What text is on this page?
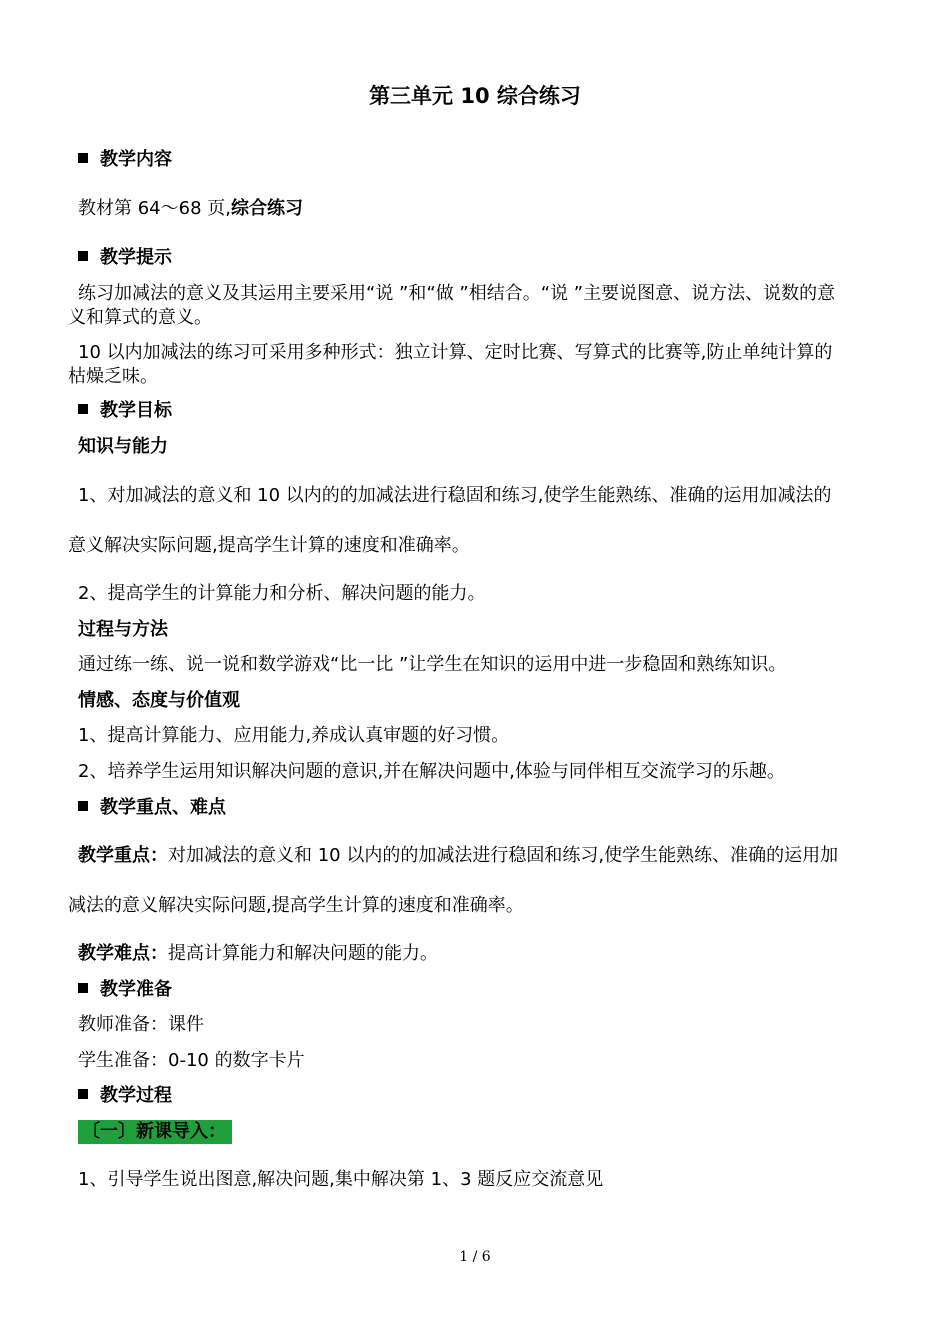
第三单元 10 综合练习
教学内容
教材第 64～68 页,综合练习
教学提示
练习加减法的意义及其运用主要采用“说 ”和“做 ”相结合。“说 ”主要说图意、说方法、说数的意
义和算式的意义。
10 以内加减法的练习可采用多种形式：独立计算、定时比赛、写算式的比赛等,防止单纯计算的
枯燥乏味。
教学目标
知识与能力
1、对加减法的意义和 10 以内的的加减法进行稳固和练习,使学生能熟练、准确的运用加减法的
意义解决实际问题,提高学生计算的速度和准确率。
2、提高学生的计算能力和分析、解决问题的能力。
过程与方法
通过练一练、说一说和数学游戏“比一比 ”让学生在知识的运用中进一步稳固和熟练知识。
情感、态度与价值观
1、提高计算能力、应用能力,养成认真审题的好习惯。
2、培养学生运用知识解决问题的意识,并在解决问题中,体验与同伴相互交流学习的乐趣。
教学重点、难点
教学重点：对加减法的意义和 10 以内的的加减法进行稳固和练习,使学生能熟练、准确的运用加
减法的意义解决实际问题,提高学生计算的速度和准确率。
教学难点：提高计算能力和解决问题的能力。
教学准备
教师准备：课件
学生准备：0-10 的数字卡片
教学过程
〔一〕新课导入：
1、引导学生说出图意,解决问题,集中解决第 1、3 题反应交流意见
1 / 6
